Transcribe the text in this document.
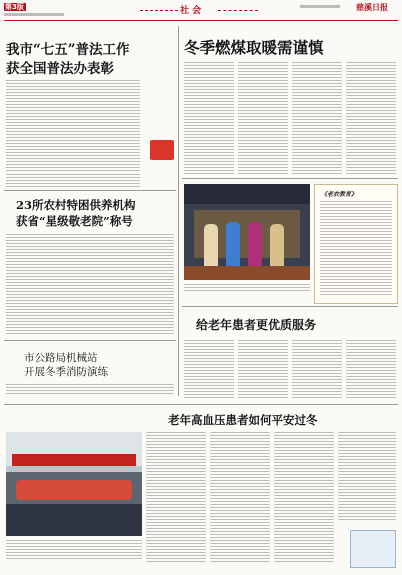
第3版	社 会	慈溪日报
我市“七五”普法工作
获全国普法办表彰
冬季燃煤取暖需谨慎
23所农村特困供养机构
获省“星级敬老院”称号
市公路局机械站
开展冬季消防演练
《老农教育》
给老年患者更优质服务
老年高血压患者如何平安过冬
